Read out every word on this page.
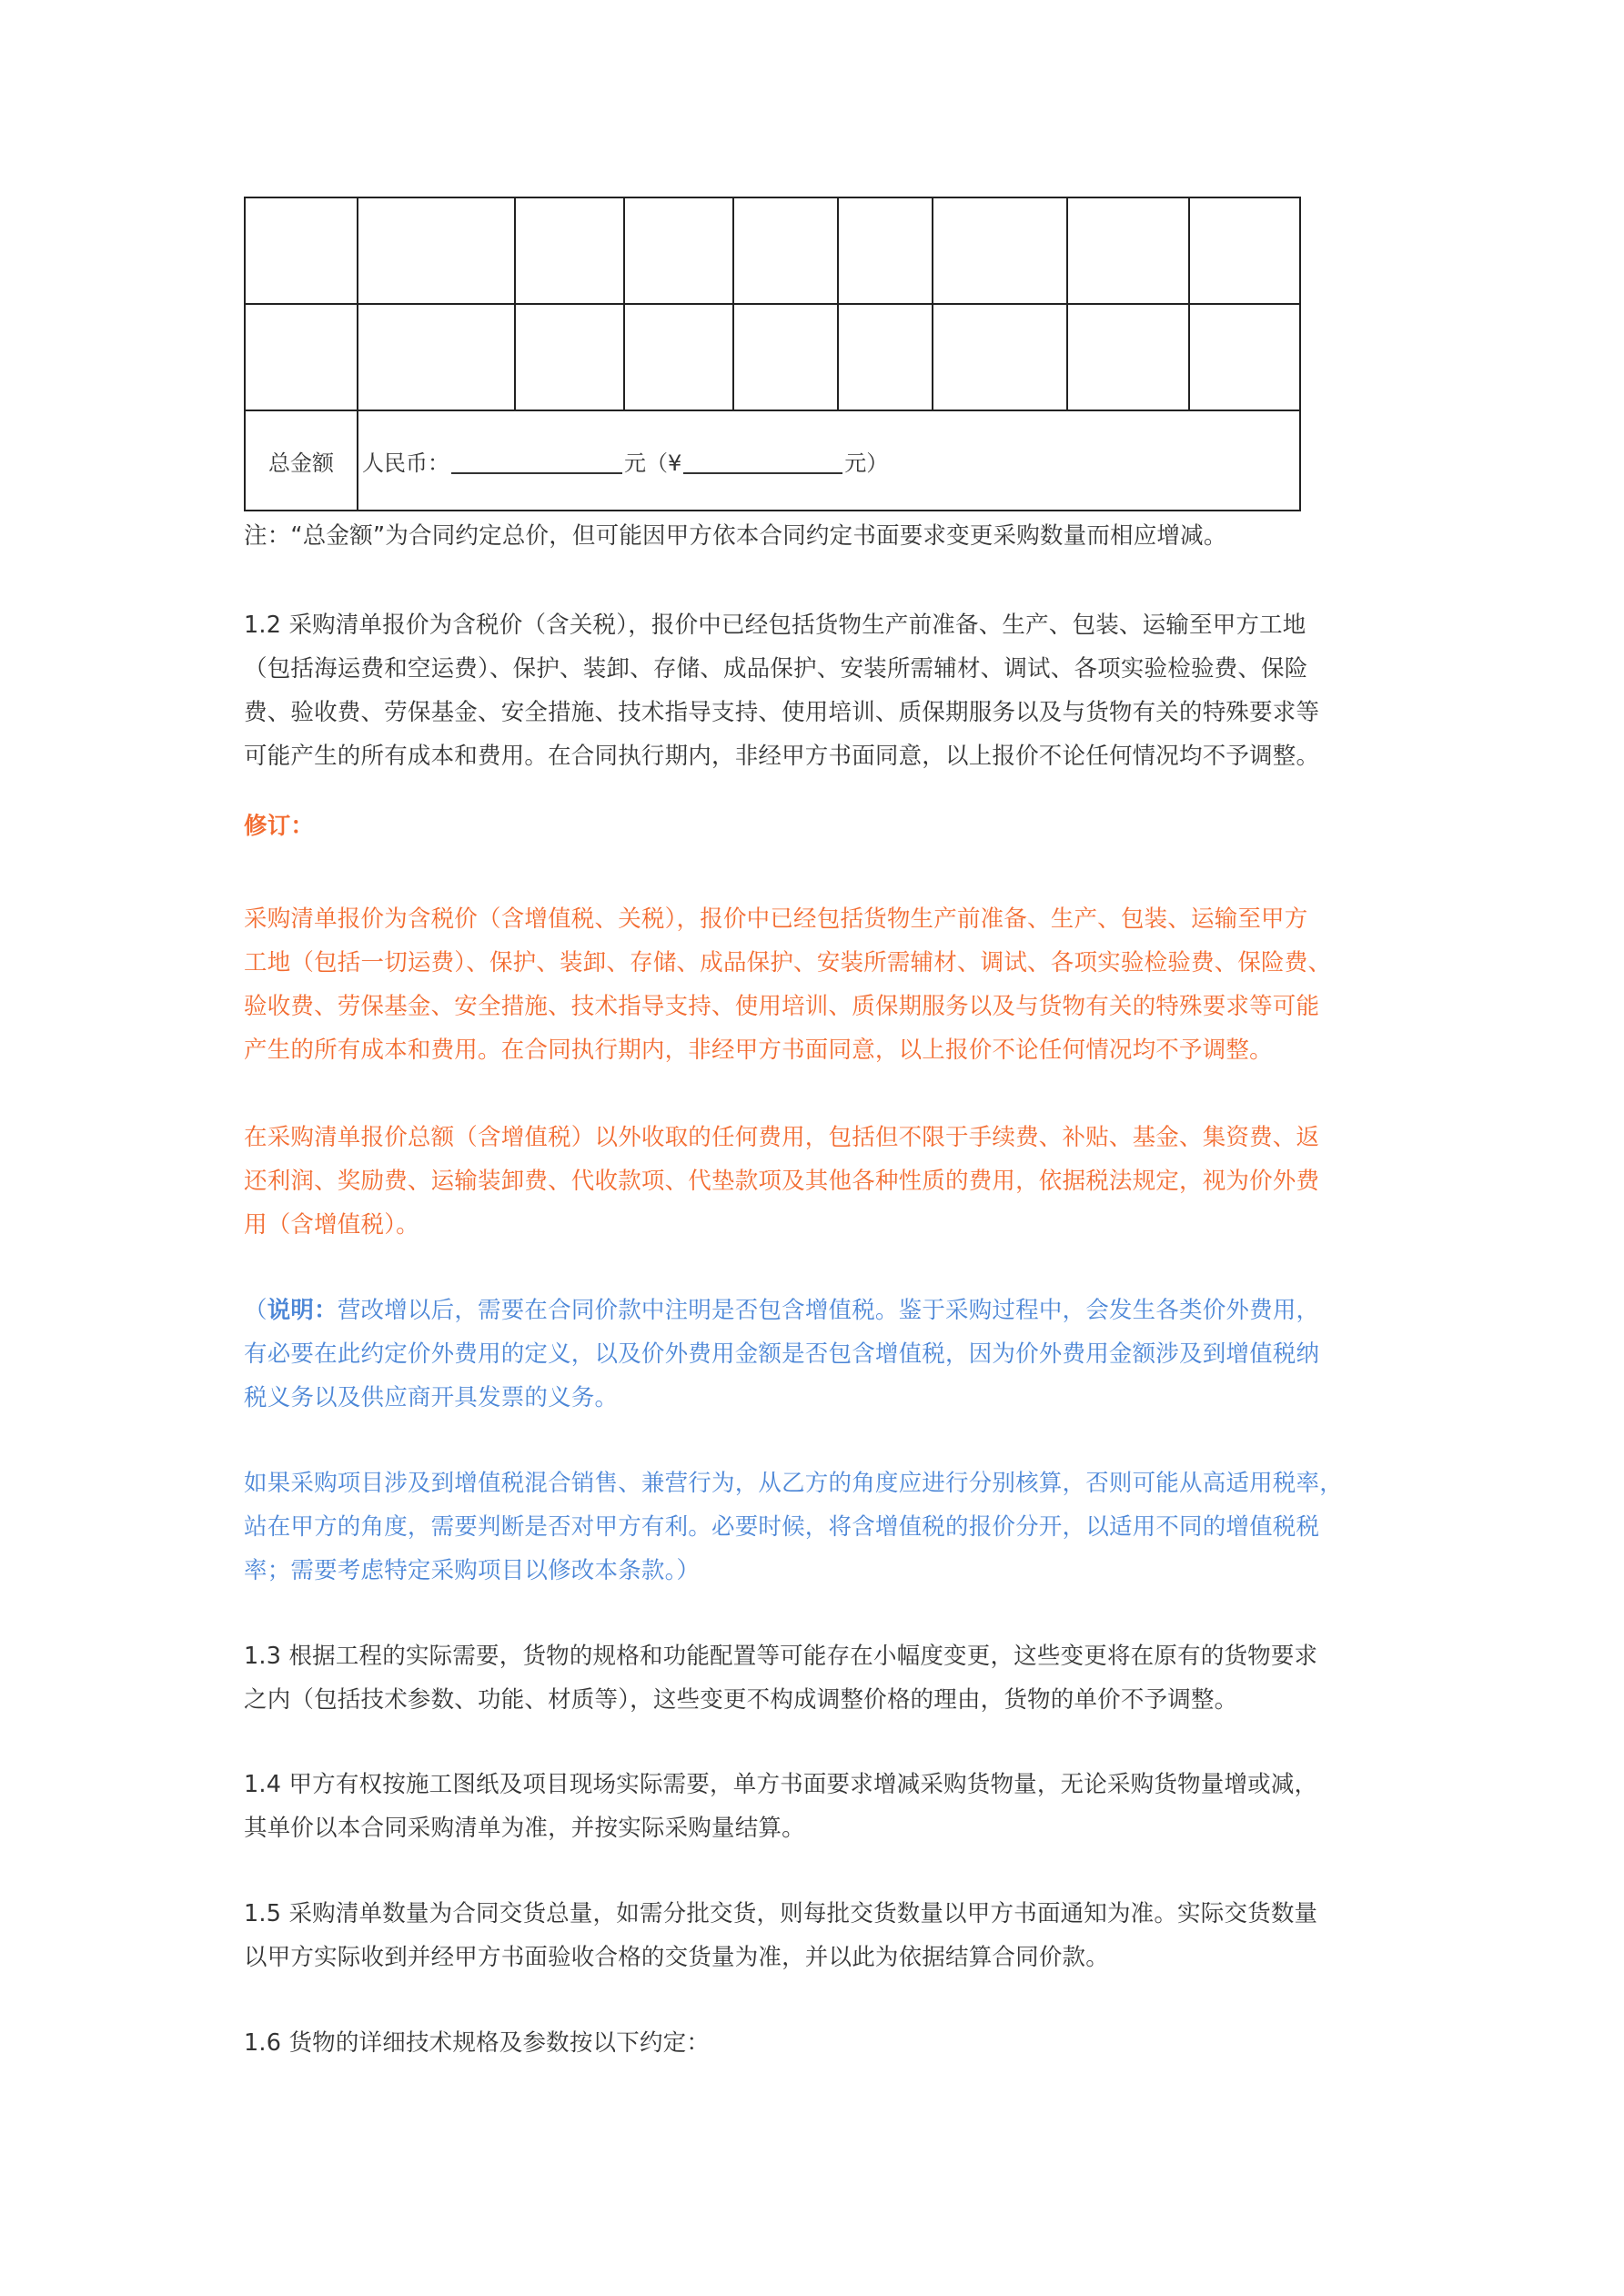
总金额	人民币： 元（¥ 元）							

注：“总金额”为合同约定总价，但可能因甲方依本合同约定书面要求变更采购数量而相应增减。

1.2 采购清单报价为含税价（含关税），报价中已经包括货物生产前准备、生产、包装、运输至甲方工地
（包括海运费和空运费）、保护、装卸、存储、成品保护、安装所需辅材、调试、各项实验检验费、保险
费、验收费、劳保基金、安全措施、技术指导支持、使用培训、质保期服务以及与货物有关的特殊要求等
可能产生的所有成本和费用。在合同执行期内，非经甲方书面同意，以上报价不论任何情况均不予调整。

修订：

采购清单报价为含税价（含增值税、关税），报价中已经包括货物生产前准备、生产、包装、运输至甲方
工地（包括一切运费）、保护、装卸、存储、成品保护、安装所需辅材、调试、各项实验检验费、保险费、
验收费、劳保基金、安全措施、技术指导支持、使用培训、质保期服务以及与货物有关的特殊要求等可能
产生的所有成本和费用。在合同执行期内，非经甲方书面同意，以上报价不论任何情况均不予调整。

在采购清单报价总额（含增值税）以外收取的任何费用，包括但不限于手续费、补贴、基金、集资费、返
还利润、奖励费、运输装卸费、代收款项、代垫款项及其他各种性质的费用，依据税法规定，视为价外费
用（含增值税）。

（说明：营改增以后，需要在合同价款中注明是否包含增值税。鉴于采购过程中，会发生各类价外费用，
有必要在此约定价外费用的定义，以及价外费用金额是否包含增值税，因为价外费用金额涉及到增值税纳
税义务以及供应商开具发票的义务。

如果采购项目涉及到增值税混合销售、兼营行为，从乙方的角度应进行分别核算，否则可能从高适用税率，
站在甲方的角度，需要判断是否对甲方有利。必要时候，将含增值税的报价分开，以适用不同的增值税税
率；需要考虑特定采购项目以修改本条款。）

1.3 根据工程的实际需要，货物的规格和功能配置等可能存在小幅度变更，这些变更将在原有的货物要求
之内（包括技术参数、功能、材质等），这些变更不构成调整价格的理由，货物的单价不予调整。

1.4 甲方有权按施工图纸及项目现场实际需要，单方书面要求增减采购货物量，无论采购货物量增或减，
其单价以本合同采购清单为准，并按实际采购量结算。

1.5 采购清单数量为合同交货总量，如需分批交货，则每批交货数量以甲方书面通知为准。实际交货数量
以甲方实际收到并经甲方书面验收合格的交货量为准，并以此为依据结算合同价款。

1.6 货物的详细技术规格及参数按以下约定：
